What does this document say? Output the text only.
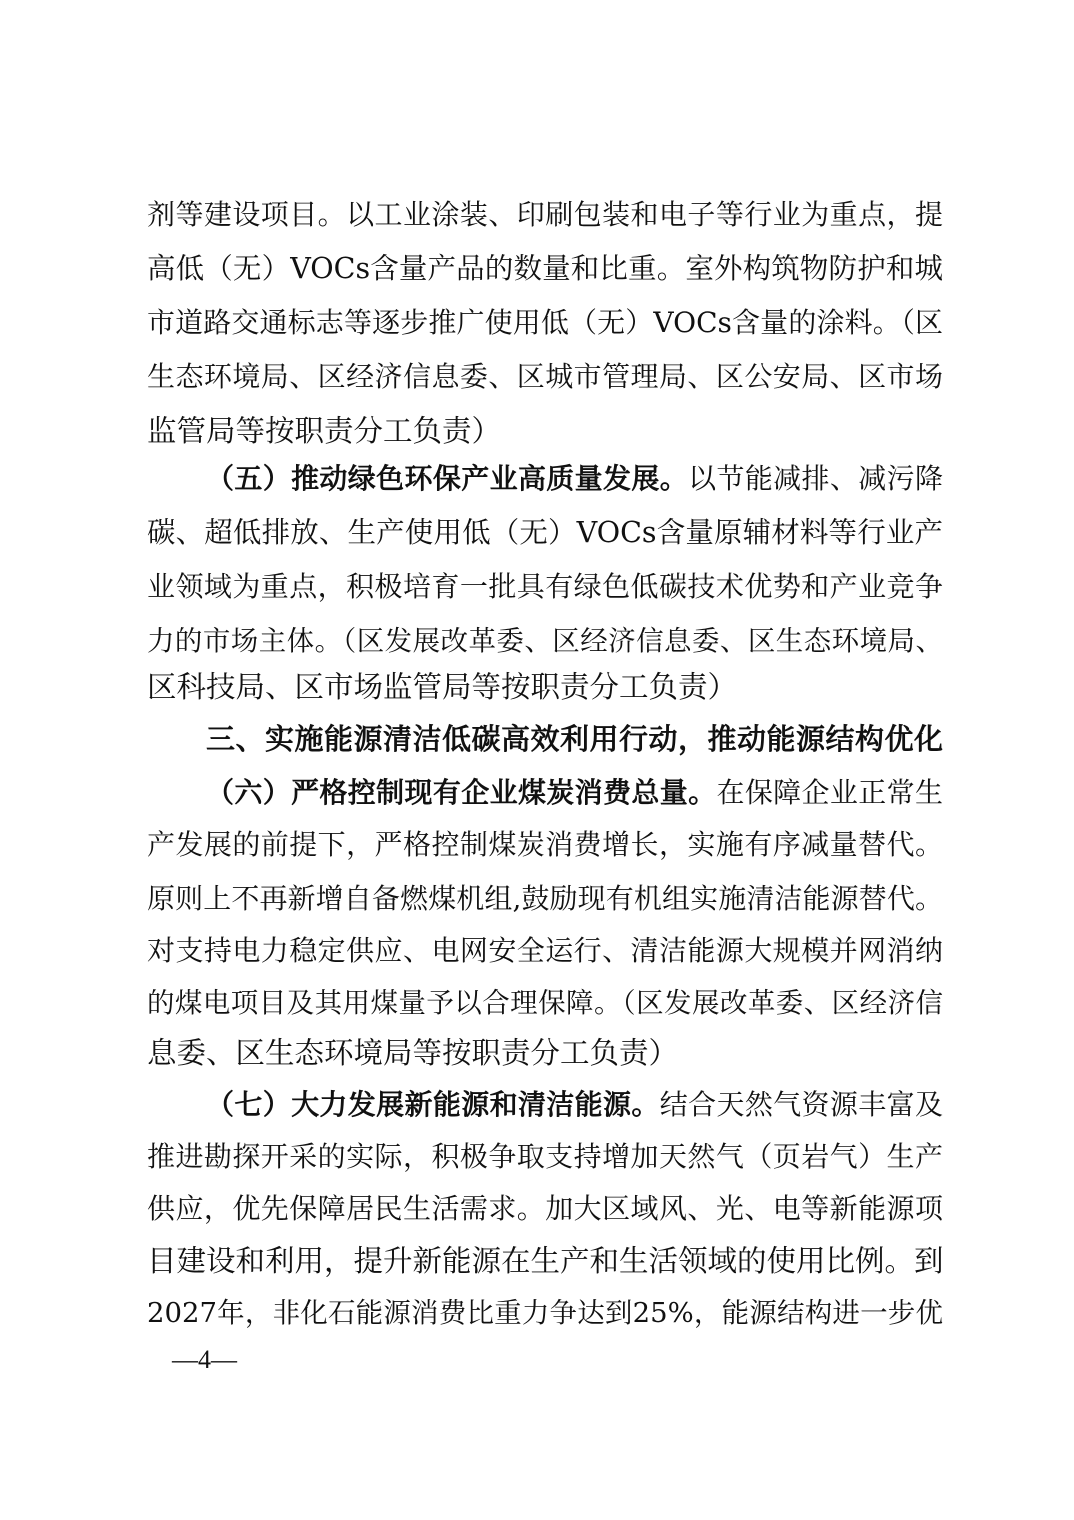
剂等建设项目。以工业涂装、印刷包装和电子等行业为重点，提
高低（无）VOCs含量产品的数量和比重。室外构筑物防护和城
市道路交通标志等逐步推广使用低（无）VOCs含量的涂料。（区
生态环境局、区经济信息委、区城市管理局、区公安局、区市场
监管局等按职责分工负责）
（五）推动绿色环保产业高质量发展。以节能减排、减污降
碳、超低排放、生产使用低（无）VOCs含量原辅材料等行业产
业领域为重点，积极培育一批具有绿色低碳技术优势和产业竞争
力的市场主体。（区发展改革委、区经济信息委、区生态环境局、
区科技局、区市场监管局等按职责分工负责）
三、实施能源清洁低碳高效利用行动，推动能源结构优化
（六）严格控制现有企业煤炭消费总量。在保障企业正常生
产发展的前提下，严格控制煤炭消费增长，实施有序减量替代。
原则上不再新增自备燃煤机组,鼓励现有机组实施清洁能源替代。
对支持电力稳定供应、电网安全运行、清洁能源大规模并网消纳
的煤电项目及其用煤量予以合理保障。（区发展改革委、区经济信
息委、区生态环境局等按职责分工负责）
（七）大力发展新能源和清洁能源。结合天然气资源丰富及
推进勘探开采的实际，积极争取支持增加天然气（页岩气）生产
供应，优先保障居民生活需求。加大区域风、光、电等新能源项
目建设和利用，提升新能源在生产和生活领域的使用比例。到
2027年，非化石能源消费比重力争达到25%，能源结构进一步优
—4—
